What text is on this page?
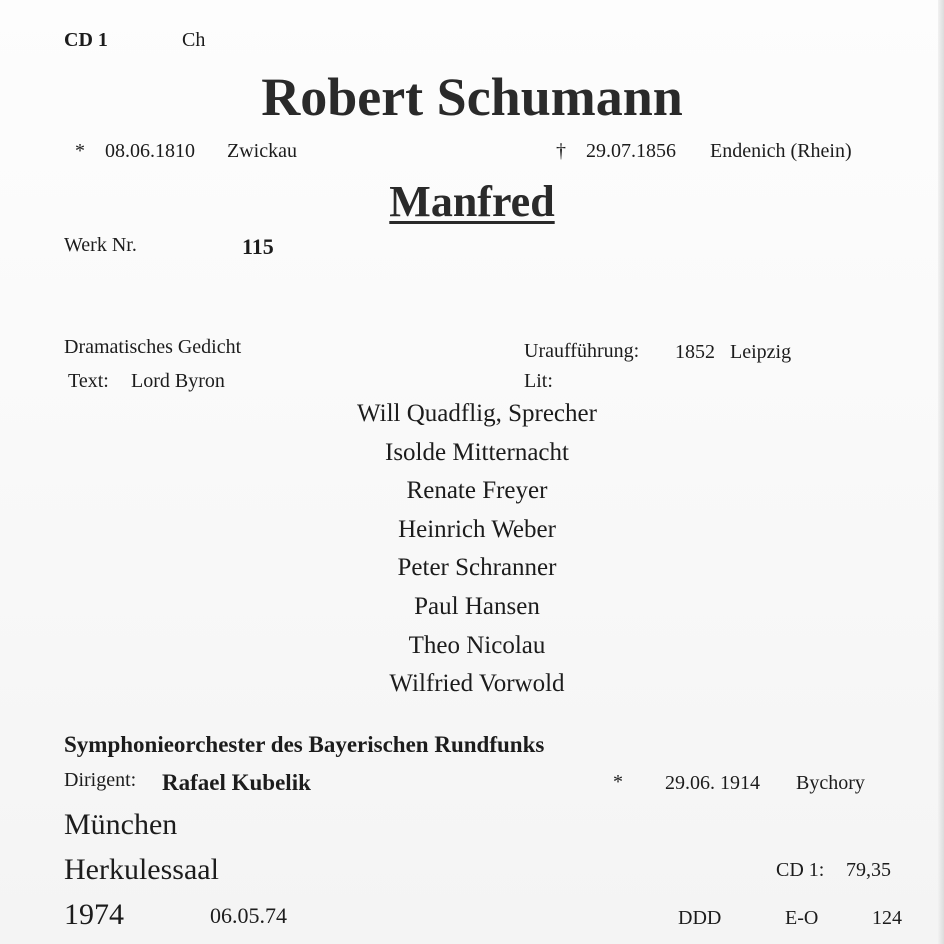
CD 1	Ch
Robert Schumann
* 08.06.1810 Zwickau	† 29.07.1856 Endenich (Rhein)
Manfred
Werk Nr.	115
Dramatisches Gedicht
Text: Lord Byron
Uraufführung: 1852 Leipzig
Lit:
Will Quadflig, Sprecher
Isolde Mitternacht
Renate Freyer
Heinrich Weber
Peter Schranner
Paul Hansen
Theo Nicolau
Wilfried Vorwold
Symphonieorchester des Bayerischen Rundfunks
Dirigent: Rafael Kubelik	* 29.06. 1914 Bychory
München
Herkulessaal
1974	06.05.74
CD 1: 79,35
DDD	E-O	124
